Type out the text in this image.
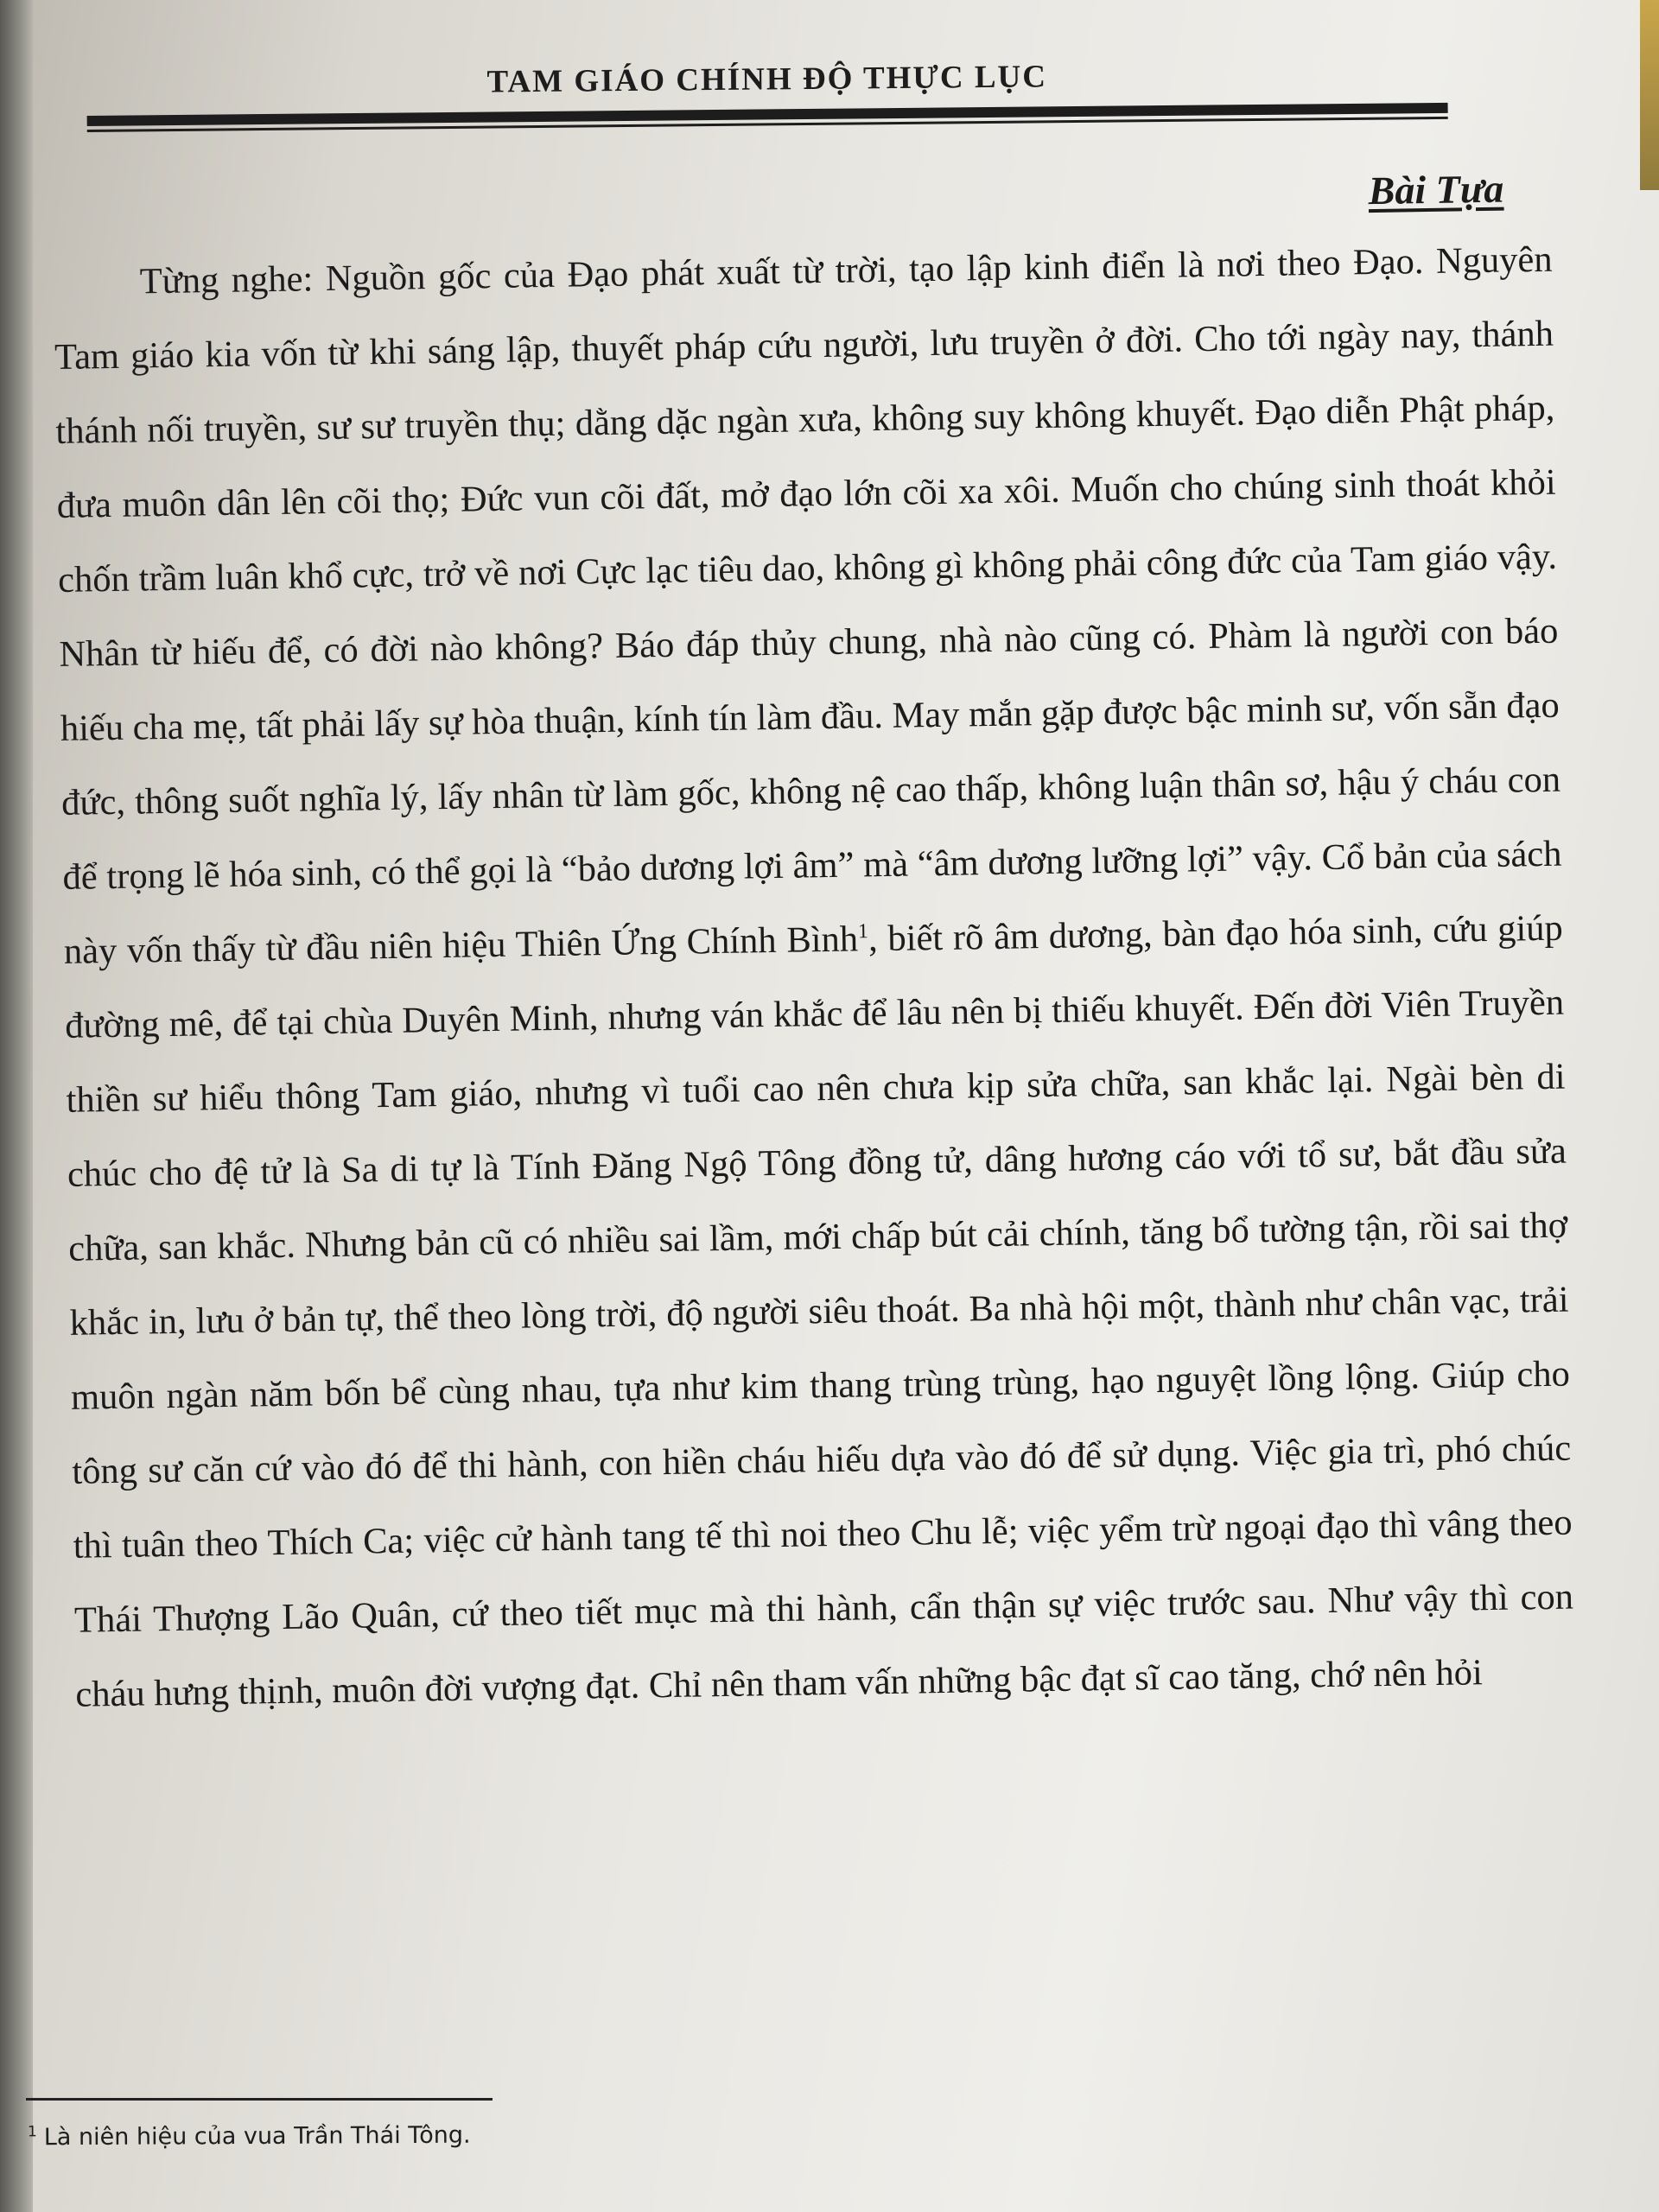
TAM GIÁO CHÍNH ĐỘ THỰC LỤC
Bài Tựa

Từng nghe: Nguồn gốc của Đạo phát xuất từ trời, tạo lập kinh điển là nơi theo Đạo. Nguyên Tam giáo kia vốn từ khi sáng lập, thuyết pháp cứu người, lưu truyền ở đời. Cho tới ngày nay, thánh thánh nối truyền, sư sư truyền thụ; dằng dặc ngàn xưa, không suy không khuyết. Đạo diễn Phật pháp, đưa muôn dân lên cõi thọ; Đức vun cõi đất, mở đạo lớn cõi xa xôi. Muốn cho chúng sinh thoát khỏi chốn trầm luân khổ cực, trở về nơi Cực lạc tiêu dao, không gì không phải công đức của Tam giáo vậy. Nhân từ hiếu để, có đời nào không? Báo đáp thủy chung, nhà nào cũng có. Phàm là người con báo hiếu cha mẹ, tất phải lấy sự hòa thuận, kính tín làm đầu. May mắn gặp được bậc minh sư, vốn sẵn đạo đức, thông suốt nghĩa lý, lấy nhân từ làm gốc, không nệ cao thấp, không luận thân sơ, hậu ý cháu con để trọng lẽ hóa sinh, có thể gọi là “bảo dương lợi âm” mà “âm dương lưỡng lợi” vậy. Cổ bản của sách này vốn thấy từ đầu niên hiệu Thiên Ứng Chính Bình$^1$, biết rõ âm dương, bàn đạo hóa sinh, cứu giúp đường mê, để tại chùa Duyên Minh, nhưng ván khắc để lâu nên bị thiếu khuyết. Đến đời Viên Truyền thiền sư hiểu thông Tam giáo, nhưng vì tuổi cao nên chưa kịp sửa chữa, san khắc lại. Ngài bèn di chúc cho đệ tử là Sa di tự là Tính Đăng Ngộ Tông đồng tử, dâng hương cáo với tổ sư, bắt đầu sửa chữa, san khắc. Nhưng bản cũ có nhiều sai lầm, mới chấp bút cải chính, tăng bổ tường tận, rồi sai thợ khắc in, lưu ở bản tự, thể theo lòng trời, độ người siêu thoát. Ba nhà hội một, thành như chân vạc, trải muôn ngàn năm bốn bể cùng nhau, tựa như kim thang trùng trùng, hạo nguyệt lồng lộng. Giúp cho tông sư căn cứ vào đó để thi hành, con hiền cháu hiếu dựa vào đó để sử dụng. Việc gia trì, phó chúc thì tuân theo Thích Ca; việc cử hành tang tế thì noi theo Chu lễ; việc yểm trừ ngoại đạo thì vâng theo Thái Thượng Lão Quân, cứ theo tiết mục mà thi hành, cẩn thận sự việc trước sau. Như vậy thì con cháu hưng thịnh, muôn đời vượng đạt. Chỉ nên tham vấn những bậc đạt sĩ cao tăng, chớ nên hỏi

$^1$ Là niên hiệu của vua Trần Thái Tông.
